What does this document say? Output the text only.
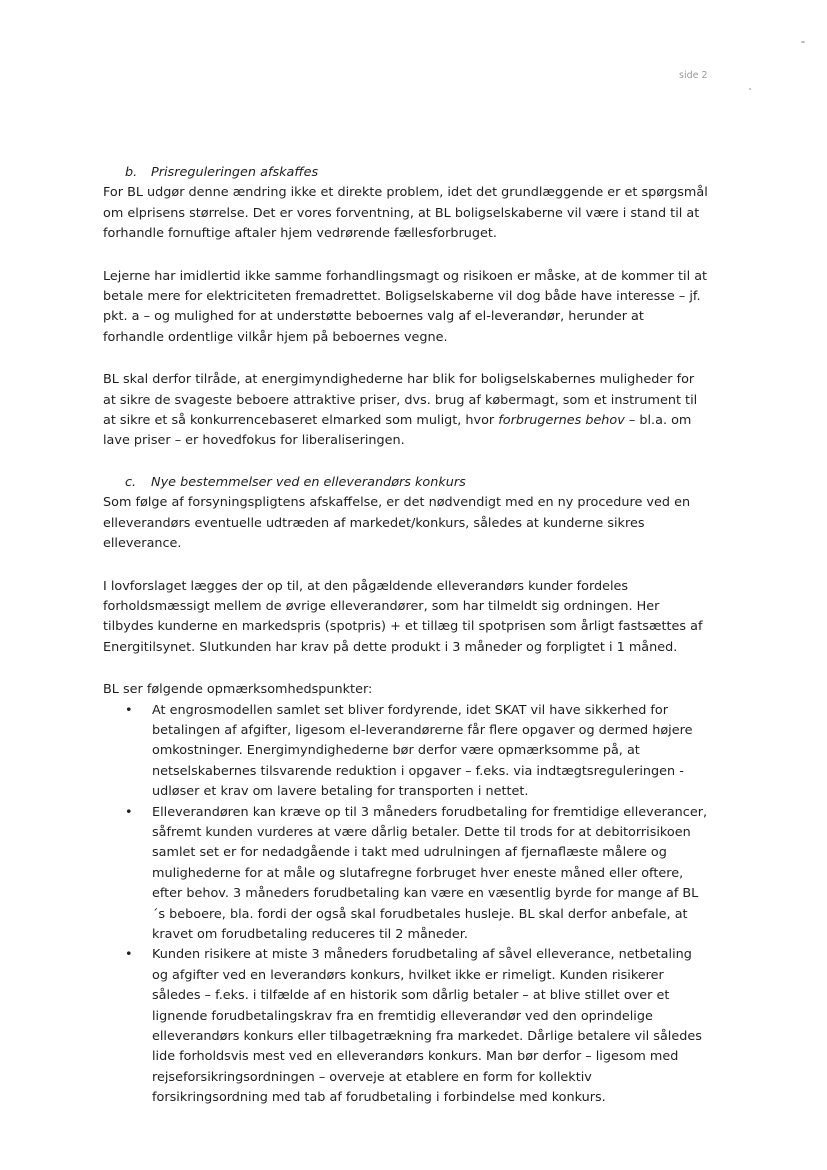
side 2
b. Prisreguleringen afskaffes

For BL udgør denne ændring ikke et direkte problem, idet det grundlæggende er et spørgsmål om elprisens størrelse. Det er vores forventning, at BL boligselskaberne vil være i stand til at forhandle fornuftige aftaler hjem vedrørende fællesforbruget.

Lejerne har imidlertid ikke samme forhandlingsmagt og risikoen er måske, at de kommer til at betale mere for elektriciteten fremadrettet. Boligselskaberne vil dog både have interesse – jf. pkt. a – og mulighed for at understøtte beboernes valg af el-leverandør, herunder at forhandle ordentlige vilkår hjem på beboernes vegne.

BL skal derfor tilråde, at energimyndighederne har blik for boligselskabernes muligheder for at sikre de svageste beboere attraktive priser, dvs. brug af købermagt, som et instrument til at sikre et så konkurrencebaseret elmarked som muligt, hvor forbrugernes behov – bl.a. om lave priser – er hovedfokus for liberaliseringen.

c. Nye bestemmelser ved en elleverandørs konkurs

Som følge af forsyningspligtens afskaffelse, er det nødvendigt med en ny procedure ved en elleverandørs eventuelle udtræden af markedet/konkurs, således at kunderne sikres elleverance.

I lovforslaget lægges der op til, at den pågældende elleverandørs kunder fordeles forholdsmæssigt mellem de øvrige elleverandører, som har tilmeldt sig ordningen. Her tilbydes kunderne en markedspris (spotpris) + et tillæg til spotprisen som årligt fastsættes af Energitilsynet. Slutkunden har krav på dette produkt i 3 måneder og forpligtet i 1 måned.

BL ser følgende opmærksomhedspunkter:

• At engrosmodellen samlet set bliver fordyrende, idet SKAT vil have sikkerhed for betalingen af afgifter, ligesom el-leverandørerne får flere opgaver og dermed højere omkostninger. Energimyndighederne bør derfor være opmærksomme på, at netselskabernes tilsvarende reduktion i opgaver – f.eks. via indtægtsreguleringen - udløser et krav om lavere betaling for transporten i nettet.
• Elleverandøren kan kræve op til 3 måneders forudbetaling for fremtidige elleverancer, såfremt kunden vurderes at være dårlig betaler. Dette til trods for at debitorrisikoen samlet set er for nedadgående i takt med udrulningen af fjernaflæste målere og mulighederne for at måle og slutafregne forbruget hver eneste måned eller oftere, efter behov. 3 måneders forudbetaling kan være en væsentlig byrde for mange af BL´s beboere, bla. fordi der også skal forudbetales husleje. BL skal derfor anbefale, at kravet om forudbetaling reduceres til 2 måneder.
• Kunden risikere at miste 3 måneders forudbetaling af såvel elleverance, netbetaling og afgifter ved en leverandørs konkurs, hvilket ikke er rimeligt. Kunden risikerer således – f.eks. i tilfælde af en historik som dårlig betaler – at blive stillet over et lignende forudbetalingskrav fra en fremtidig elleverandør ved den oprindelige elleverandørs konkurs eller tilbagetrækning fra markedet. Dårlige betalere vil således lide forholdsvis mest ved en elleverandørs konkurs. Man bør derfor – ligesom med rejseforsikringsordningen – overveje at etablere en form for kollektiv forsikringsordning med tab af forudbetaling i forbindelse med konkurs.
